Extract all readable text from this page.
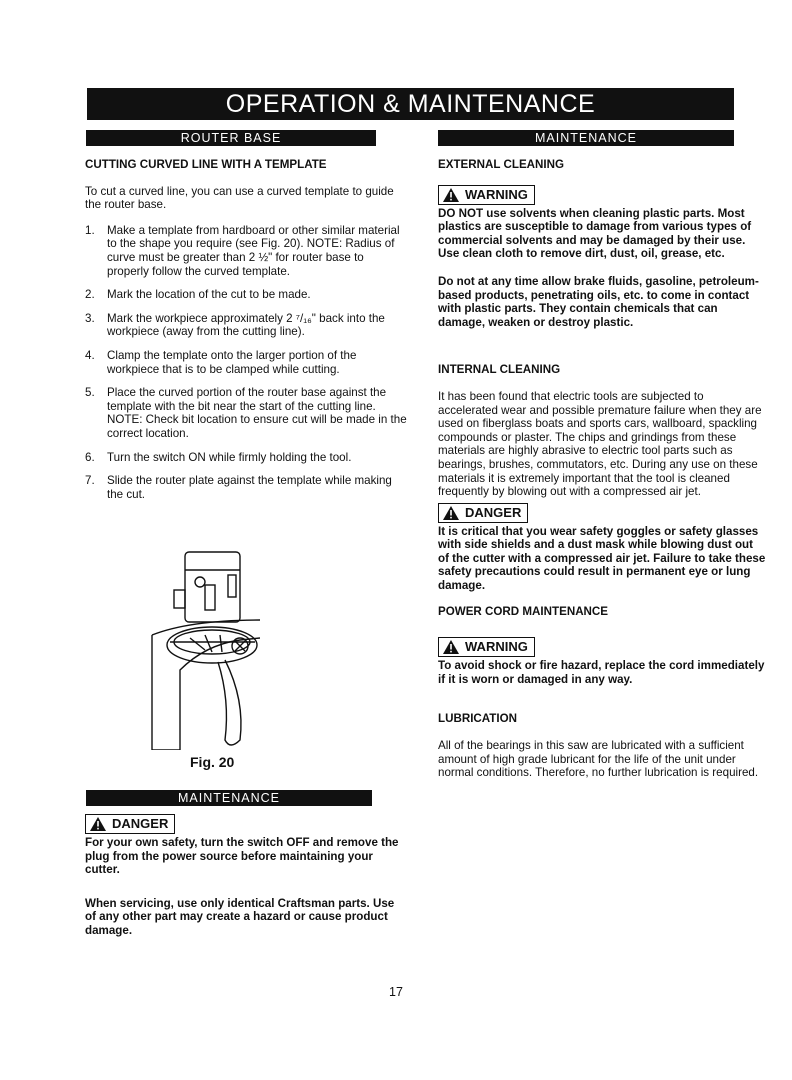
OPERATION & MAINTENANCE
ROUTER BASE	MAINTENANCE
CUTTING CURVED LINE WITH A TEMPLATE
To cut a curved line, you can use a curved template to guide the router base.
1. Make a template from hardboard or other similar material to the shape you require (see Fig. 20). NOTE: Radius of curve must be greater than 2 ½" for router base to properly follow the curved template.
2. Mark the location of the cut to be made.
3. Mark the workpiece approximately 2 ⁷/₁₆" back into the workpiece (away from the cutting line).
4. Clamp the template onto the larger portion of the workpiece that is to be clamped while cutting.
5. Place the curved portion of the router base against the template with the bit near the start of the cutting line. NOTE: Check bit location to ensure cut will be made in the correct location.
6. Turn the switch ON while firmly holding the tool.
7. Slide the router plate against the template while making the cut.
Fig. 20
MAINTENANCE
DANGER
For your own safety, turn the switch OFF and remove the plug from the power source before maintaining your cutter.
When servicing, use only identical Craftsman parts. Use of any other part may create a hazard or cause product damage.
EXTERNAL CLEANING
WARNING
DO NOT use solvents when cleaning plastic parts. Most plastics are susceptible to damage from various types of commercial solvents and may be damaged by their use. Use clean cloth to remove dirt, dust, oil, grease, etc.
Do not at any time allow brake fluids, gasoline, petroleum-based products, penetrating oils, etc. to come in contact with plastic parts. They contain chemicals that can damage, weaken or destroy plastic.
INTERNAL CLEANING
It has been found that electric tools are subjected to accelerated wear and possible premature failure when they are used on fiberglass boats and sports cars, wallboard, spackling compounds or plaster. The chips and grindings from these materials are highly abrasive to electric tool parts such as bearings, brushes, commutators, etc. During any use on these materials it is extremely important that the tool is cleaned frequently by blowing out with a compressed air jet.
DANGER
It is critical that you wear safety goggles or safety glasses with side shields and a dust mask while blowing dust out of the cutter with a compressed air jet. Failure to take these safety precautions could result in permanent eye or lung damage.
POWER CORD MAINTENANCE
WARNING
To avoid shock or fire hazard, replace the cord immediately if it is worn or damaged in any way.
LUBRICATION
All of the bearings in this saw are lubricated with a sufficient amount of high grade lubricant for the life of the unit under normal conditions. Therefore, no further lubrication is required.
17
